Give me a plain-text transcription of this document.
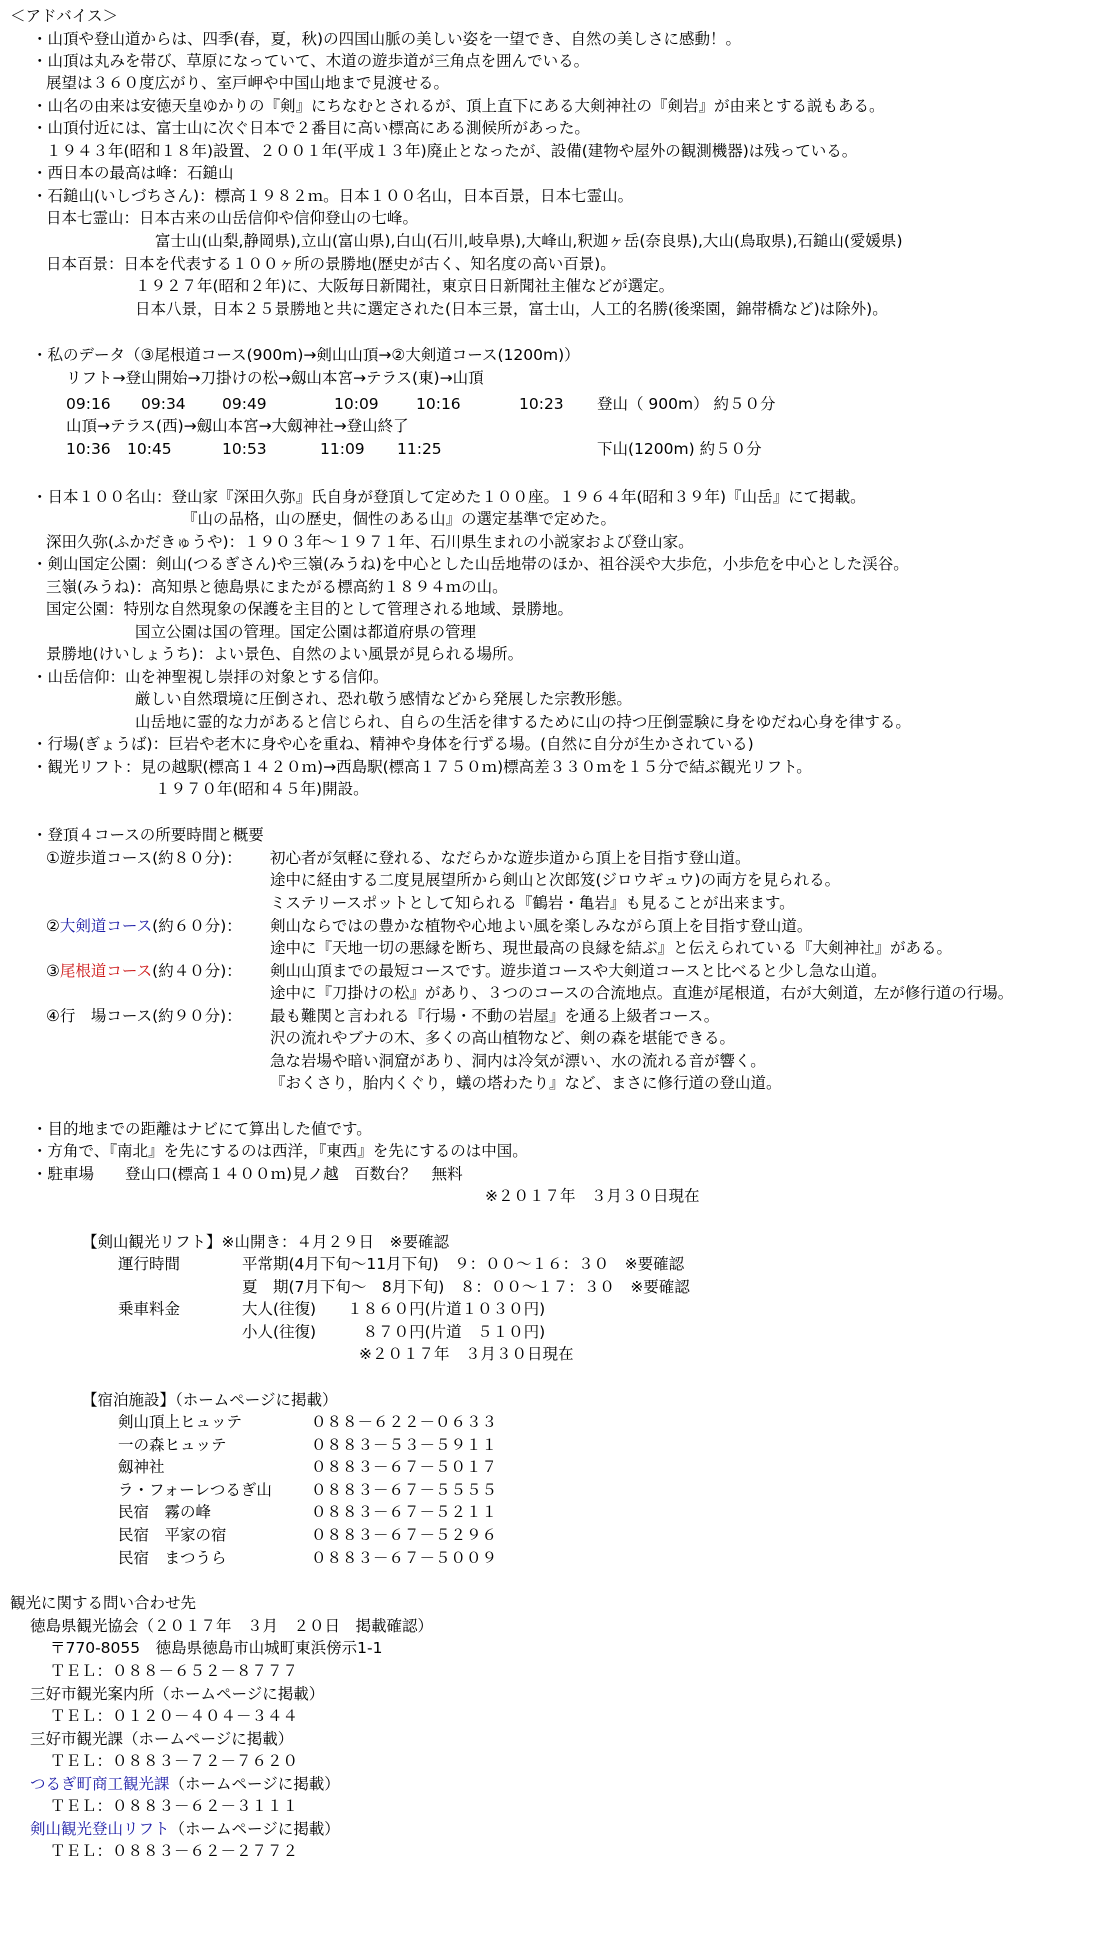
＜アドバイス＞
・山頂や登山道からは、四季(春，夏，秋)の四国山脈の美しい姿を一望でき、自然の美しさに感動！。
・山頂は丸みを帯び、草原になっていて、木道の遊歩道が三角点を囲んでいる。
展望は３６０度広がり、室戸岬や中国山地まで見渡せる。
・山名の由来は安徳天皇ゆかりの『剣』にちなむとされるが、頂上直下にある大剣神社の『剣岩』が由来とする説もある。
・山頂付近には、富士山に次ぐ日本で２番目に高い標高にある測候所があった。
１９４３年(昭和１８年)設置、２００１年(平成１３年)廃止となったが、設備(建物や屋外の観測機器)は残っている。
・西日本の最高は峰：石鎚山
・石鎚山(いしづちさん)：標高１９８２ｍ。日本１００名山，日本百景，日本七霊山。
日本七霊山：日本古来の山岳信仰や信仰登山の七峰。
富士山(山梨,静岡県),立山(富山県),白山(石川,岐阜県),大峰山,釈迦ヶ岳(奈良県),大山(鳥取県),石鎚山(愛媛県)
日本百景：日本を代表する１００ヶ所の景勝地(歴史が古く、知名度の高い百景)。
１９２７年(昭和２年)に、大阪毎日新聞社，東京日日新聞社主催などが選定。
日本八景，日本２５景勝地と共に選定された(日本三景，富士山，人工的名勝(後楽園，錦帯橋など)は除外)。
・私のデータ（③尾根道コース(900m)→剣山山頂→②大剣道コース(1200m)）
リフト→登山開始→刀掛けの松→劔山本宮→テラス(東)→山頂
09:16 09:34 09:49	10:09 10:16	10:23 登山（ 900m） 約５０分
山頂→テラス(西)→劔山本宮→大劔神社→登山終了
10:36 10:45	10:53	11:09 11:25	下山(1200m) 約５０分
・日本１００名山：登山家『深田久弥』氏自身が登頂して定めた１００座。１９６４年(昭和３９年)『山岳』にて掲載。
『山の品格，山の歴史，個性のある山』の選定基準で定めた。
深田久弥(ふかだきゅうや)：１９０３年～１９７１年、石川県生まれの小説家および登山家。
・剣山国定公園：剣山(つるぎさん)や三嶺(みうね)を中心とした山岳地帯のほか、祖谷渓や大歩危，小歩危を中心とした渓谷。
三嶺(みうね)：高知県と徳島県にまたがる標高約１８９４ｍの山。
国定公園：特別な自然現象の保護を主目的として管理される地域、景勝地。
国立公園は国の管理。国定公園は都道府県の管理
景勝地(けいしょうち)：よい景色、自然のよい風景が見られる場所。
・山岳信仰：山を神聖視し崇拝の対象とする信仰。
厳しい自然環境に圧倒され、恐れ敬う感情などから発展した宗教形態。
山岳地に霊的な力があると信じられ、自らの生活を律するために山の持つ圧倒霊験に身をゆだね心身を律する。
・行場(ぎょうば)：巨岩や老木に身や心を重ね、精神や身体を行ずる場。(自然に自分が生かされている)
・観光リフト：見の越駅(標高１４２０ｍ)→西島駅(標高１７５０ｍ)標高差３３０ｍを１５分で結ぶ観光リフト。
１９７０年(昭和４５年)開設。
・登頂４コースの所要時間と概要
①遊歩道コース(約８０分)： 初心者が気軽に登れる、なだらかな遊歩道から頂上を目指す登山道。
途中に経由する二度見展望所から剣山と次郎笈(ジロウギュウ)の両方を見られる。
ミステリースポットとして知られる『鶴岩・亀岩』も見ることが出来ます。
②大剣道コース(約６０分)： 剣山ならではの豊かな植物や心地よい風を楽しみながら頂上を目指す登山道。
途中に『天地一切の悪縁を断ち、現世最高の良縁を結ぶ』と伝えられている『大剣神社』がある。
③尾根道コース(約４０分)： 剣山山頂までの最短コースです。遊歩道コースや大剣道コースと比べると少し急な山道。
途中に『刀掛けの松』があり、３つのコースの合流地点。直進が尾根道，右が大剣道，左が修行道の行場。
④行　場コース(約９０分)： 最も難関と言われる『行場・不動の岩屋』を通る上級者コース。
沢の流れやブナの木、多くの高山植物など、剣の森を堪能できる。
急な岩場や暗い洞窟があり、洞内は冷気が漂い、水の流れる音が響く。
『おくさり，胎内くぐり，蟻の塔わたり』など、まさに修行道の登山道。
・目的地までの距離はナビにて算出した値です。
・方角で、『南北』を先にするのは西洋，『東西』を先にするのは中国。
・駐車場　　登山口(標高１４００ｍ)見ノ越　百数台？　無料
※２０１７年　３月３０日現在
【剣山観光リフト】※山開き：４月２９日　※要確認
運行時間	平常期(4月下旬～11月下旬)　９：００～１６：３０　※要確認
夏　期(7月下旬～　8月下旬)　８：００～１７：３０　※要確認
乗車料金	大人(往復)　　１８６０円(片道１０３０円)
小人(往復)　　　８７０円(片道　５１０円)
※２０１７年　３月３０日現在
【宿泊施設】（ホームページに掲載）
剣山頂上ヒュッテ	０８８－６２２－０６３３
一の森ヒュッテ	０８８３－５３－５９１１
劔神社	０８８３－６７－５０１７
ラ・フォーレつるぎ山	０８８３－６７－５５５５
民宿　霧の峰	０８８３－６７－５２１１
民宿　平家の宿	０８８３－６７－５２９６
民宿　まつうら	０８８３－６７－５００９
観光に関する問い合わせ先
徳島県観光協会（２０１７年　３月　２０日　掲載確認）
〒770-8055　徳島県徳島市山城町東浜傍示1-1
ＴＥＬ：０８８－６５２－８７７７
三好市観光案内所（ホームページに掲載）
ＴＥＬ：０１２０－４０４－３４４
三好市観光課（ホームページに掲載）
ＴＥＬ：０８８３－７２－７６２０
つるぎ町商工観光課（ホームページに掲載）
ＴＥＬ：０８８３－６２－３１１１
剣山観光登山リフト（ホームページに掲載）
ＴＥＬ：０８８３－６２－２７７２
